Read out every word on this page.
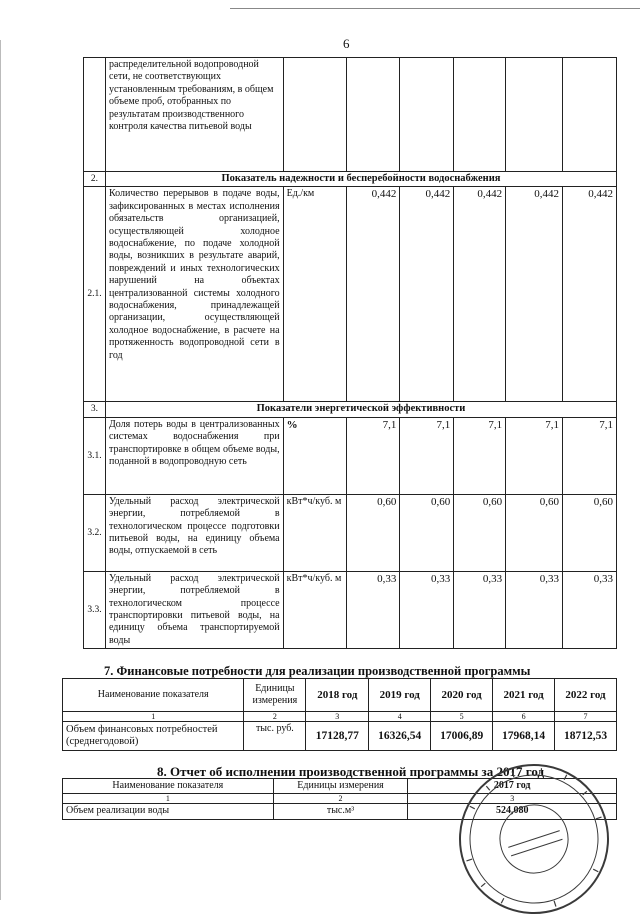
6
	распределительной водопроводной сети, не соответствующих установленным требованиям, в общем объеме проб, отобранных по результатам производственного контроля качества питьевой воды						
2.	Показатель надежности и бесперебойности водоснабжения						
2.1.	Количество перерывов в подаче воды, зафиксированных в местах исполнения обязательств организацией, осуществляющей холодное водоснабжение, по подаче холодной воды, возникших в результате аварий, повреждений и иных технологических нарушений на объектах централизованной системы холодного водоснабжения, принадлежащей организации, осуществляющей холодное водоснабжение, в расчете на протяженность водопроводной сети в год	Ед./км	0,442	0,442	0,442	0,442	0,442
3.	Показатели энергетической эффективности						
3.1.	Доля потерь воды в централизованных системах водоснабжения при транспортировке в общем объеме воды, поданной в водопроводную сеть	%	7,1	7,1	7,1	7,1	7,1
3.2.	Удельный расход электрической энергии, потребляемой в технологическом процессе подготовки питьевой воды, на единицу объема воды, отпускаемой в сеть	кВт*ч/куб. м	0,60	0,60	0,60	0,60	0,60
3.3.	Удельный расход электрической энергии, потребляемой в технологическом процессе транспортировки питьевой воды, на единицу объема транспортируемой воды	кВт*ч/куб. м	0,33	0,33	0,33	0,33	0,33
7. Финансовые потребности для реализации производственной программы
Наименование показателя	Единицы измерения	2018 год	2019 год	2020 год	2021 год	2022 год
1	2	3	4	5	6	7
Объем финансовых потребностей (среднегодовой)	тыс. руб.	17128,77	16326,54	17006,89	17968,14	18712,53
8. Отчет об исполнении производственной программы за 2017 год
Наименование показателя	Единицы измерения	2017 год
1	2	3
Объем реализации воды	тыс.м³	524,080
